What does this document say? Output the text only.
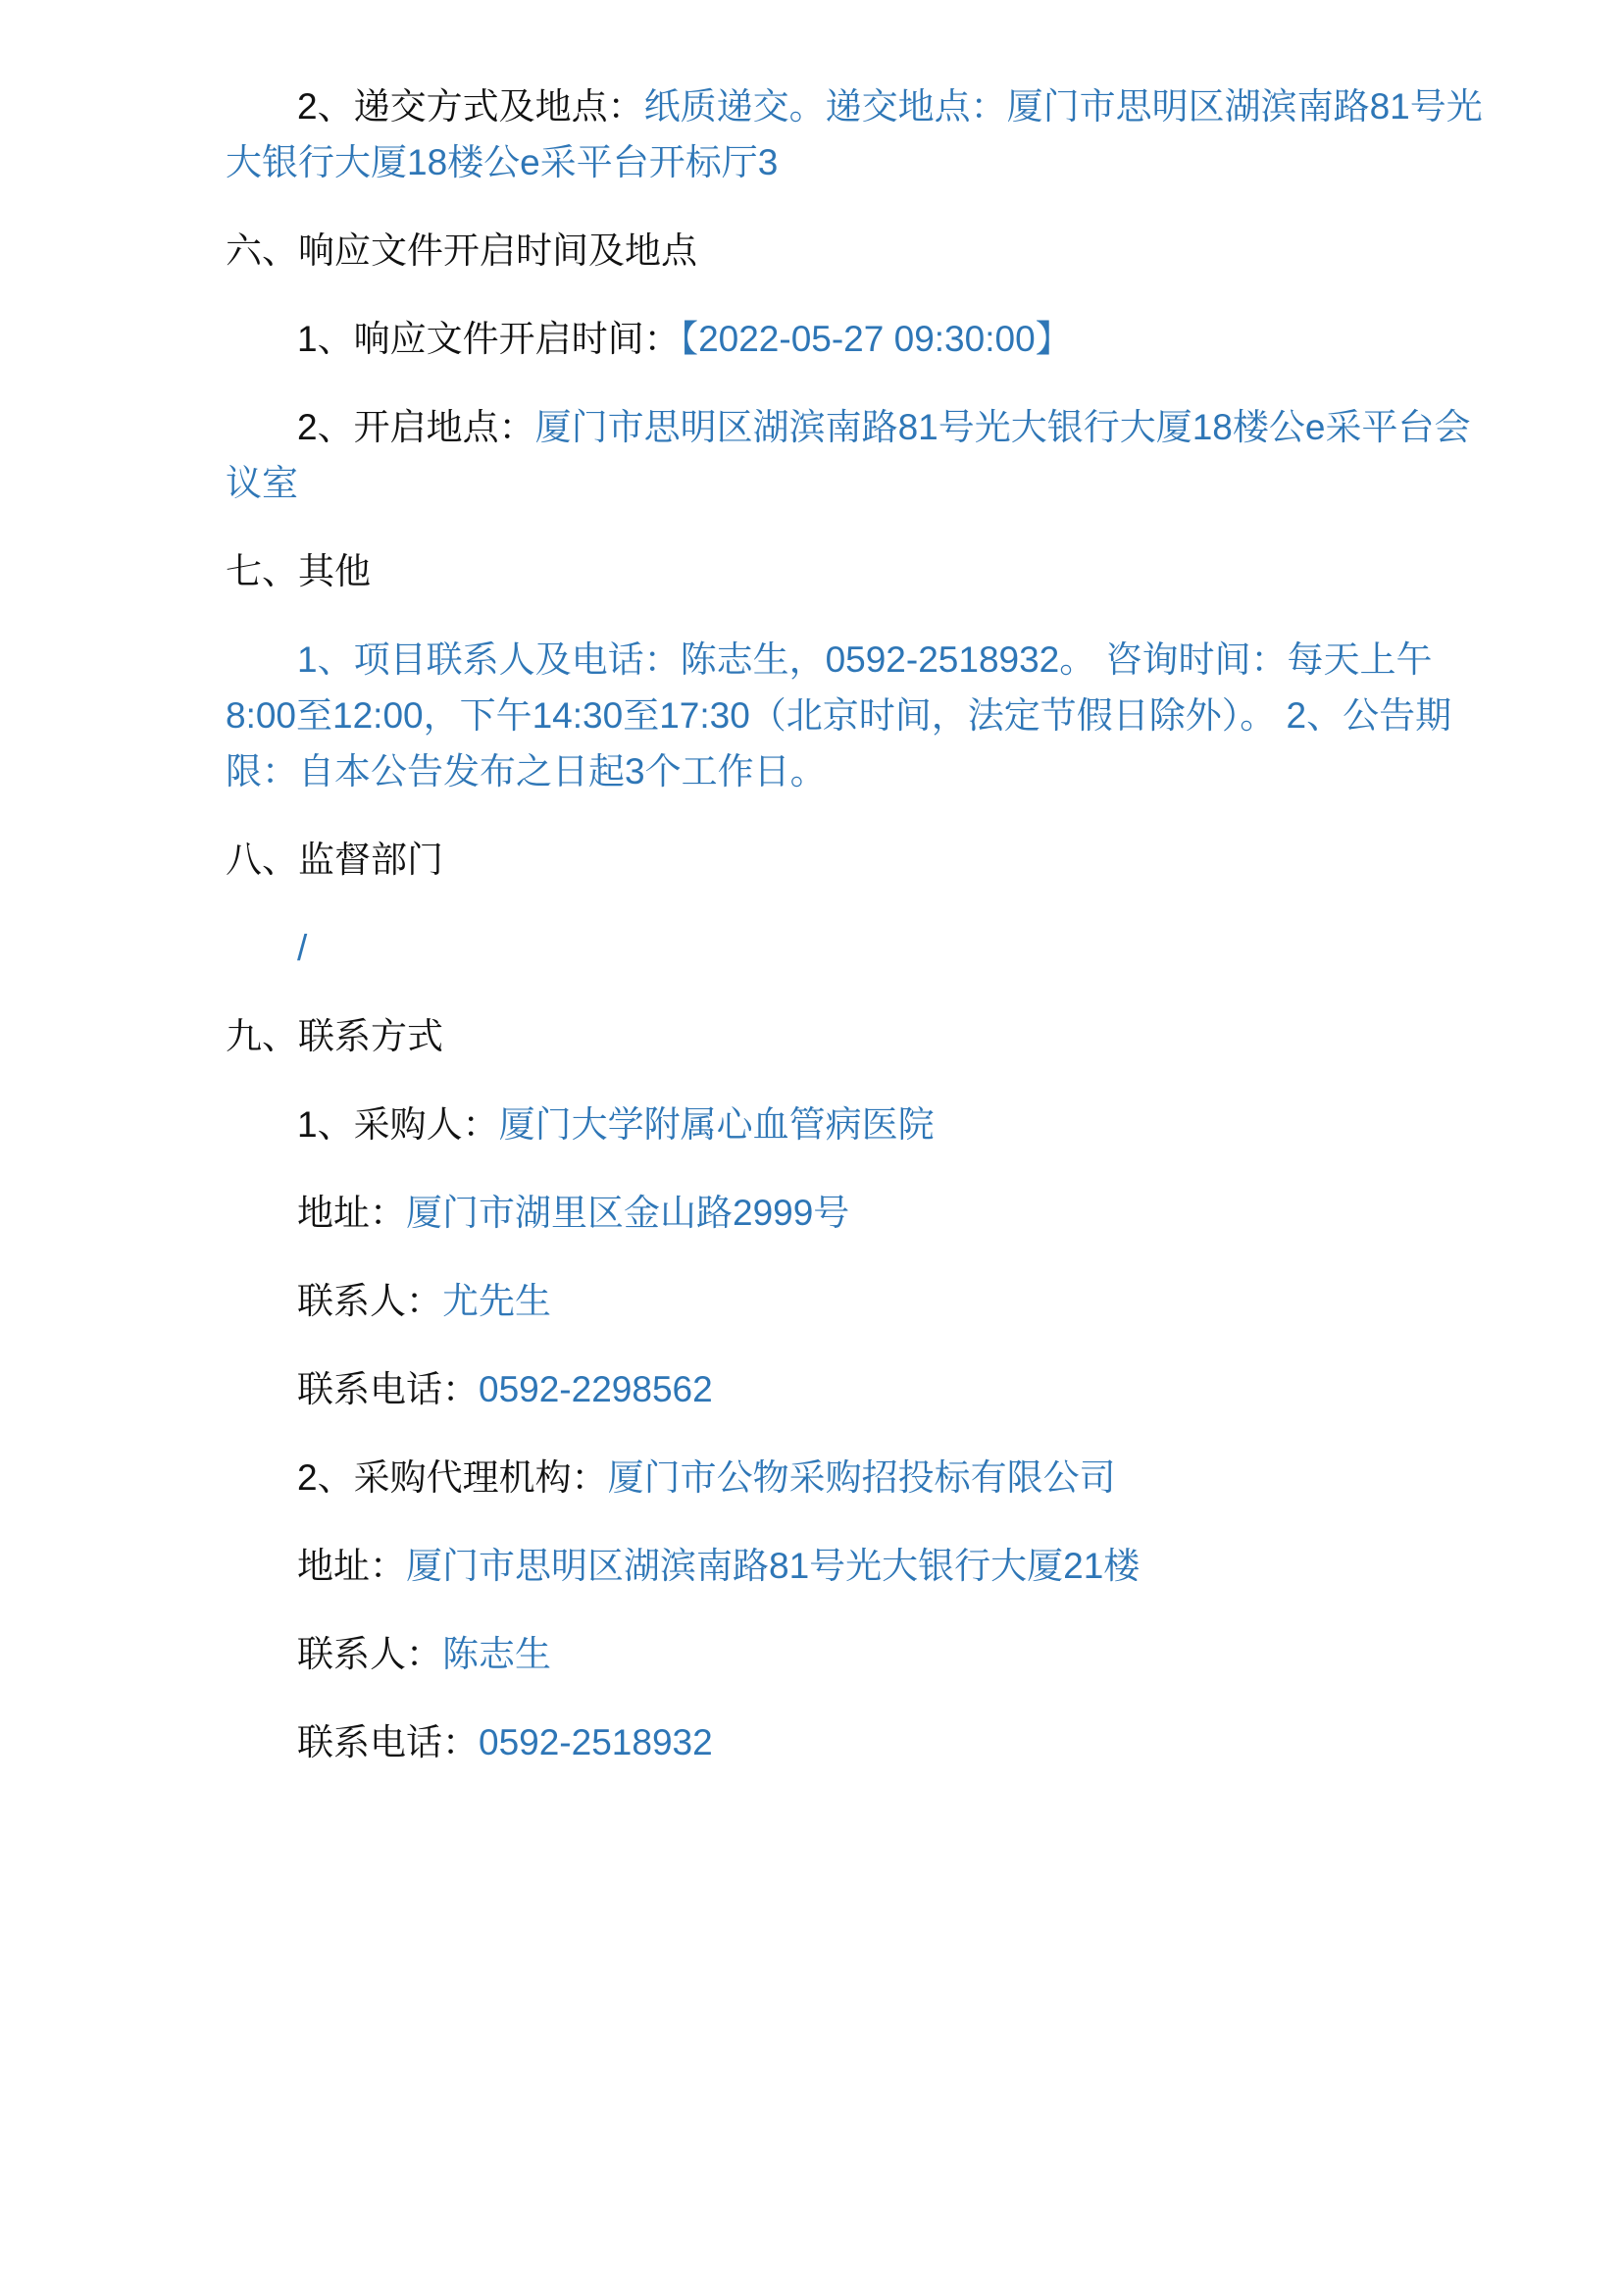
2、递交方式及地点：纸质递交。递交地点：厦门市思明区湖滨南路81号光
大银行大厦18楼公e采平台开标厅3

六、响应文件开启时间及地点

1、响应文件开启时间：【2022-05-27 09:30:00】

2、开启地点：厦门市思明区湖滨南路81号光大银行大厦18楼公e采平台会
议室

七、其他

1、项目联系人及电话：陈志生，0592-2518932。 咨询时间：每天上午
8:00至12:00，下午14:30至17:30（北京时间，法定节假日除外）。 2、公告期
限：自本公告发布之日起3个工作日。

八、监督部门

/

九、联系方式

1、采购人：厦门大学附属心血管病医院

地址：厦门市湖里区金山路2999号

联系人：尤先生

联系电话：0592-2298562

2、采购代理机构：厦门市公物采购招投标有限公司

地址：厦门市思明区湖滨南路81号光大银行大厦21楼

联系人：陈志生

联系电话：0592-2518932
